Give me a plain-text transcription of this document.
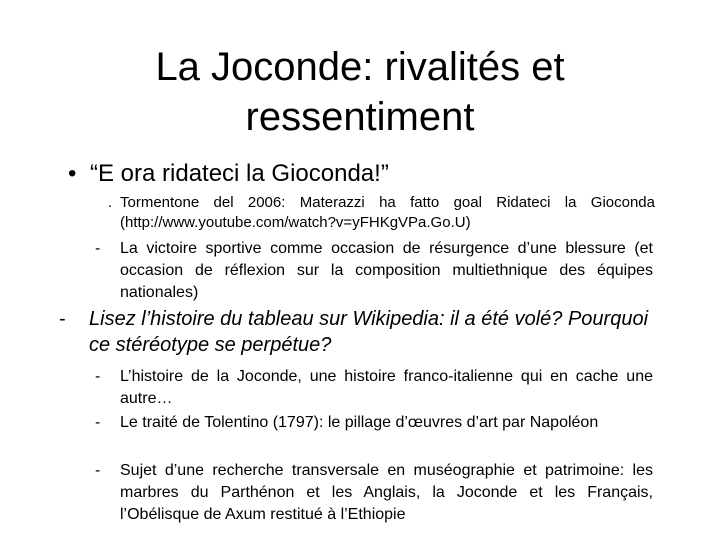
La Joconde: rivalités et
ressentiment
• “E ora ridateci la Gioconda!”
. Tormentone del 2006: Materazzi ha fatto goal Ridateci la Gioconda (http://www.youtube.com/watch?v=yFHKgVPa.Go.U)
- La victoire sportive comme occasion de résurgence d’une blessure (et occasion de réflexion sur la composition multiethnique des équipes nationales)
- Lisez l’histoire du tableau sur Wikipedia: il a été volé? Pourquoi ce stéréotype se perpétue?
- L’histoire de la Joconde, une histoire franco-italienne qui en cache une autre…
- Le traité de Tolentino (1797): le pillage d’œuvres d’art par Napoléon
- Sujet d’une recherche transversale en muséographie et patrimoine: les marbres du Parthénon et les Anglais, la Joconde et les Français, l’Obélisque de Axum restitué à l’Ethiopie
